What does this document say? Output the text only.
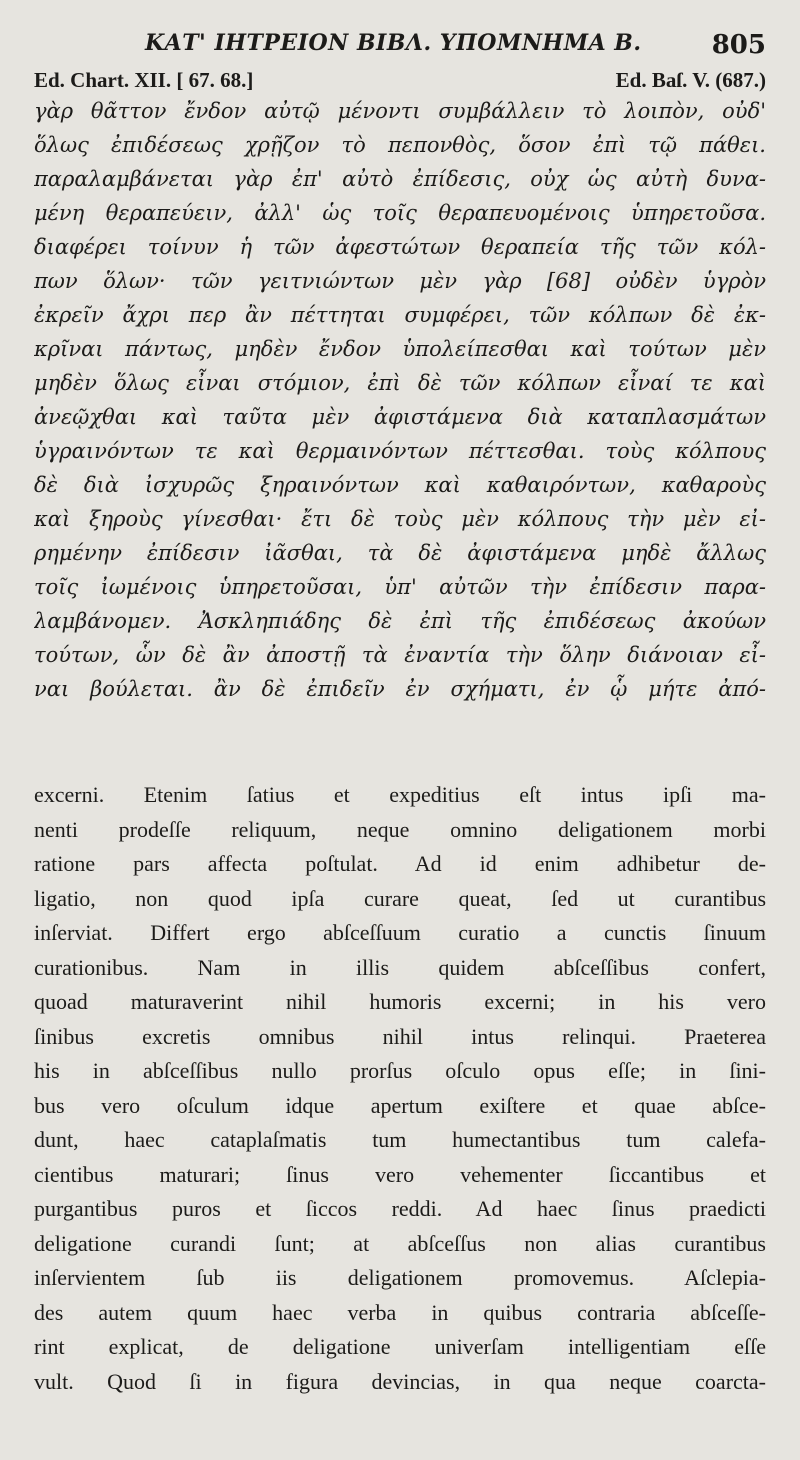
ΚΑΤ' ΙΗΤΡΕΙΟΝ ΒΙΒΛ. ΥΠΟΜΝΗΜΑ Β.	805
Ed. Chart. XII. [ 67. 68.]	Ed. Baſ. V. (687.)
γὰρ θᾶττον ἔνδον αὐτῷ μένοντι συμβάλλειν τὸ λοιπὸν, οὐδ'
ὅλως ἐπιδέσεως χρῇζον τὸ πεπονθὸς, ὅσον ἐπὶ τῷ πάθει.
παραλαμβάνεται γὰρ ἐπ' αὐτὸ ἐπίδεσις, οὐχ ὡς αὐτὴ δυνα-
μένη θεραπεύειν, ἀλλ' ὡς τοῖς θεραπευομένοις ὑπηρετοῦσα.
διαφέρει τοίνυν ἡ τῶν ἀφεστώτων θεραπεία τῆς τῶν κόλ-
πων ὅλων· τῶν γειτνιώντων μὲν γὰρ [68] οὐδὲν ὑγρὸν
ἐκρεῖν ἄχρι περ ἂν πέττηται συμφέρει, τῶν κόλπων δὲ ἐκ-
κρῖναι πάντως, μηδὲν ἔνδον ὑπολείπεσθαι καὶ τούτων μὲν
μηδὲν ὅλως εἶναι στόμιον, ἐπὶ δὲ τῶν κόλπων εἶναί τε καὶ
ἀνεῷχθαι καὶ ταῦτα μὲν ἀφιστάμενα διὰ καταπλασμάτων
ὑγραινόντων τε καὶ θερμαινόντων πέττεσθαι. τοὺς κόλπους
δὲ διὰ ἰσχυρῶς ξηραινόντων καὶ καθαιρόντων, καθαροὺς
καὶ ξηροὺς γίνεσθαι· ἔτι δὲ τοὺς μὲν κόλπους τὴν μὲν εἰ-
ρημένην ἐπίδεσιν ἰᾶσθαι, τὰ δὲ ἀφιστάμενα μηδὲ ἄλλως
τοῖς ἰωμένοις ὑπηρετοῦσαι, ὑπ' αὐτῶν τὴν ἐπίδεσιν παρα-
λαμβάνομεν. Ἀσκληπιάδης δὲ ἐπὶ τῆς ἐπιδέσεως ἀκούων
τούτων, ὧν δὲ ἂν ἀποστῇ τὰ ἐναντία τὴν ὅλην διάνοιαν εἶ-
ναι βούλεται. ἂν δὲ ἐπιδεῖν ἐν σχήματι, ἐν ᾧ μήτε ἀπό-
excerni. Etenim ſatius et expeditius eſt intus ipſi ma-
nenti prodeſſe reliquum, neque omnino deligationem morbi
ratione pars affecta poſtulat. Ad id enim adhibetur de-
ligatio, non quod ipſa curare queat, ſed ut curantibus
inſerviat. Differt ergo abſceſſuum curatio a cunctis ſinuum
curationibus. Nam in illis quidem abſceſſibus confert,
quoad maturaverint nihil humoris excerni; in his vero
ſinibus excretis omnibus nihil intus relinqui. Praeterea
his in abſceſſibus nullo prorſus oſculo opus eſſe; in ſini-
bus vero oſculum idque apertum exiſtere et quae abſce-
dunt, haec cataplaſmatis tum humectantibus tum calefa-
cientibus maturari; ſinus vero vehementer ſiccantibus et
purgantibus puros et ſiccos reddi. Ad haec ſinus praedicti
deligatione curandi ſunt; at abſceſſus non alias curantibus
inſervientem ſub iis deligationem promovemus. Aſclepia-
des autem quum haec verba in quibus contraria abſceſſe-
rint explicat, de deligatione univerſam intelligentiam eſſe
vult. Quod ſi in figura devincias, in qua neque coarcta-
